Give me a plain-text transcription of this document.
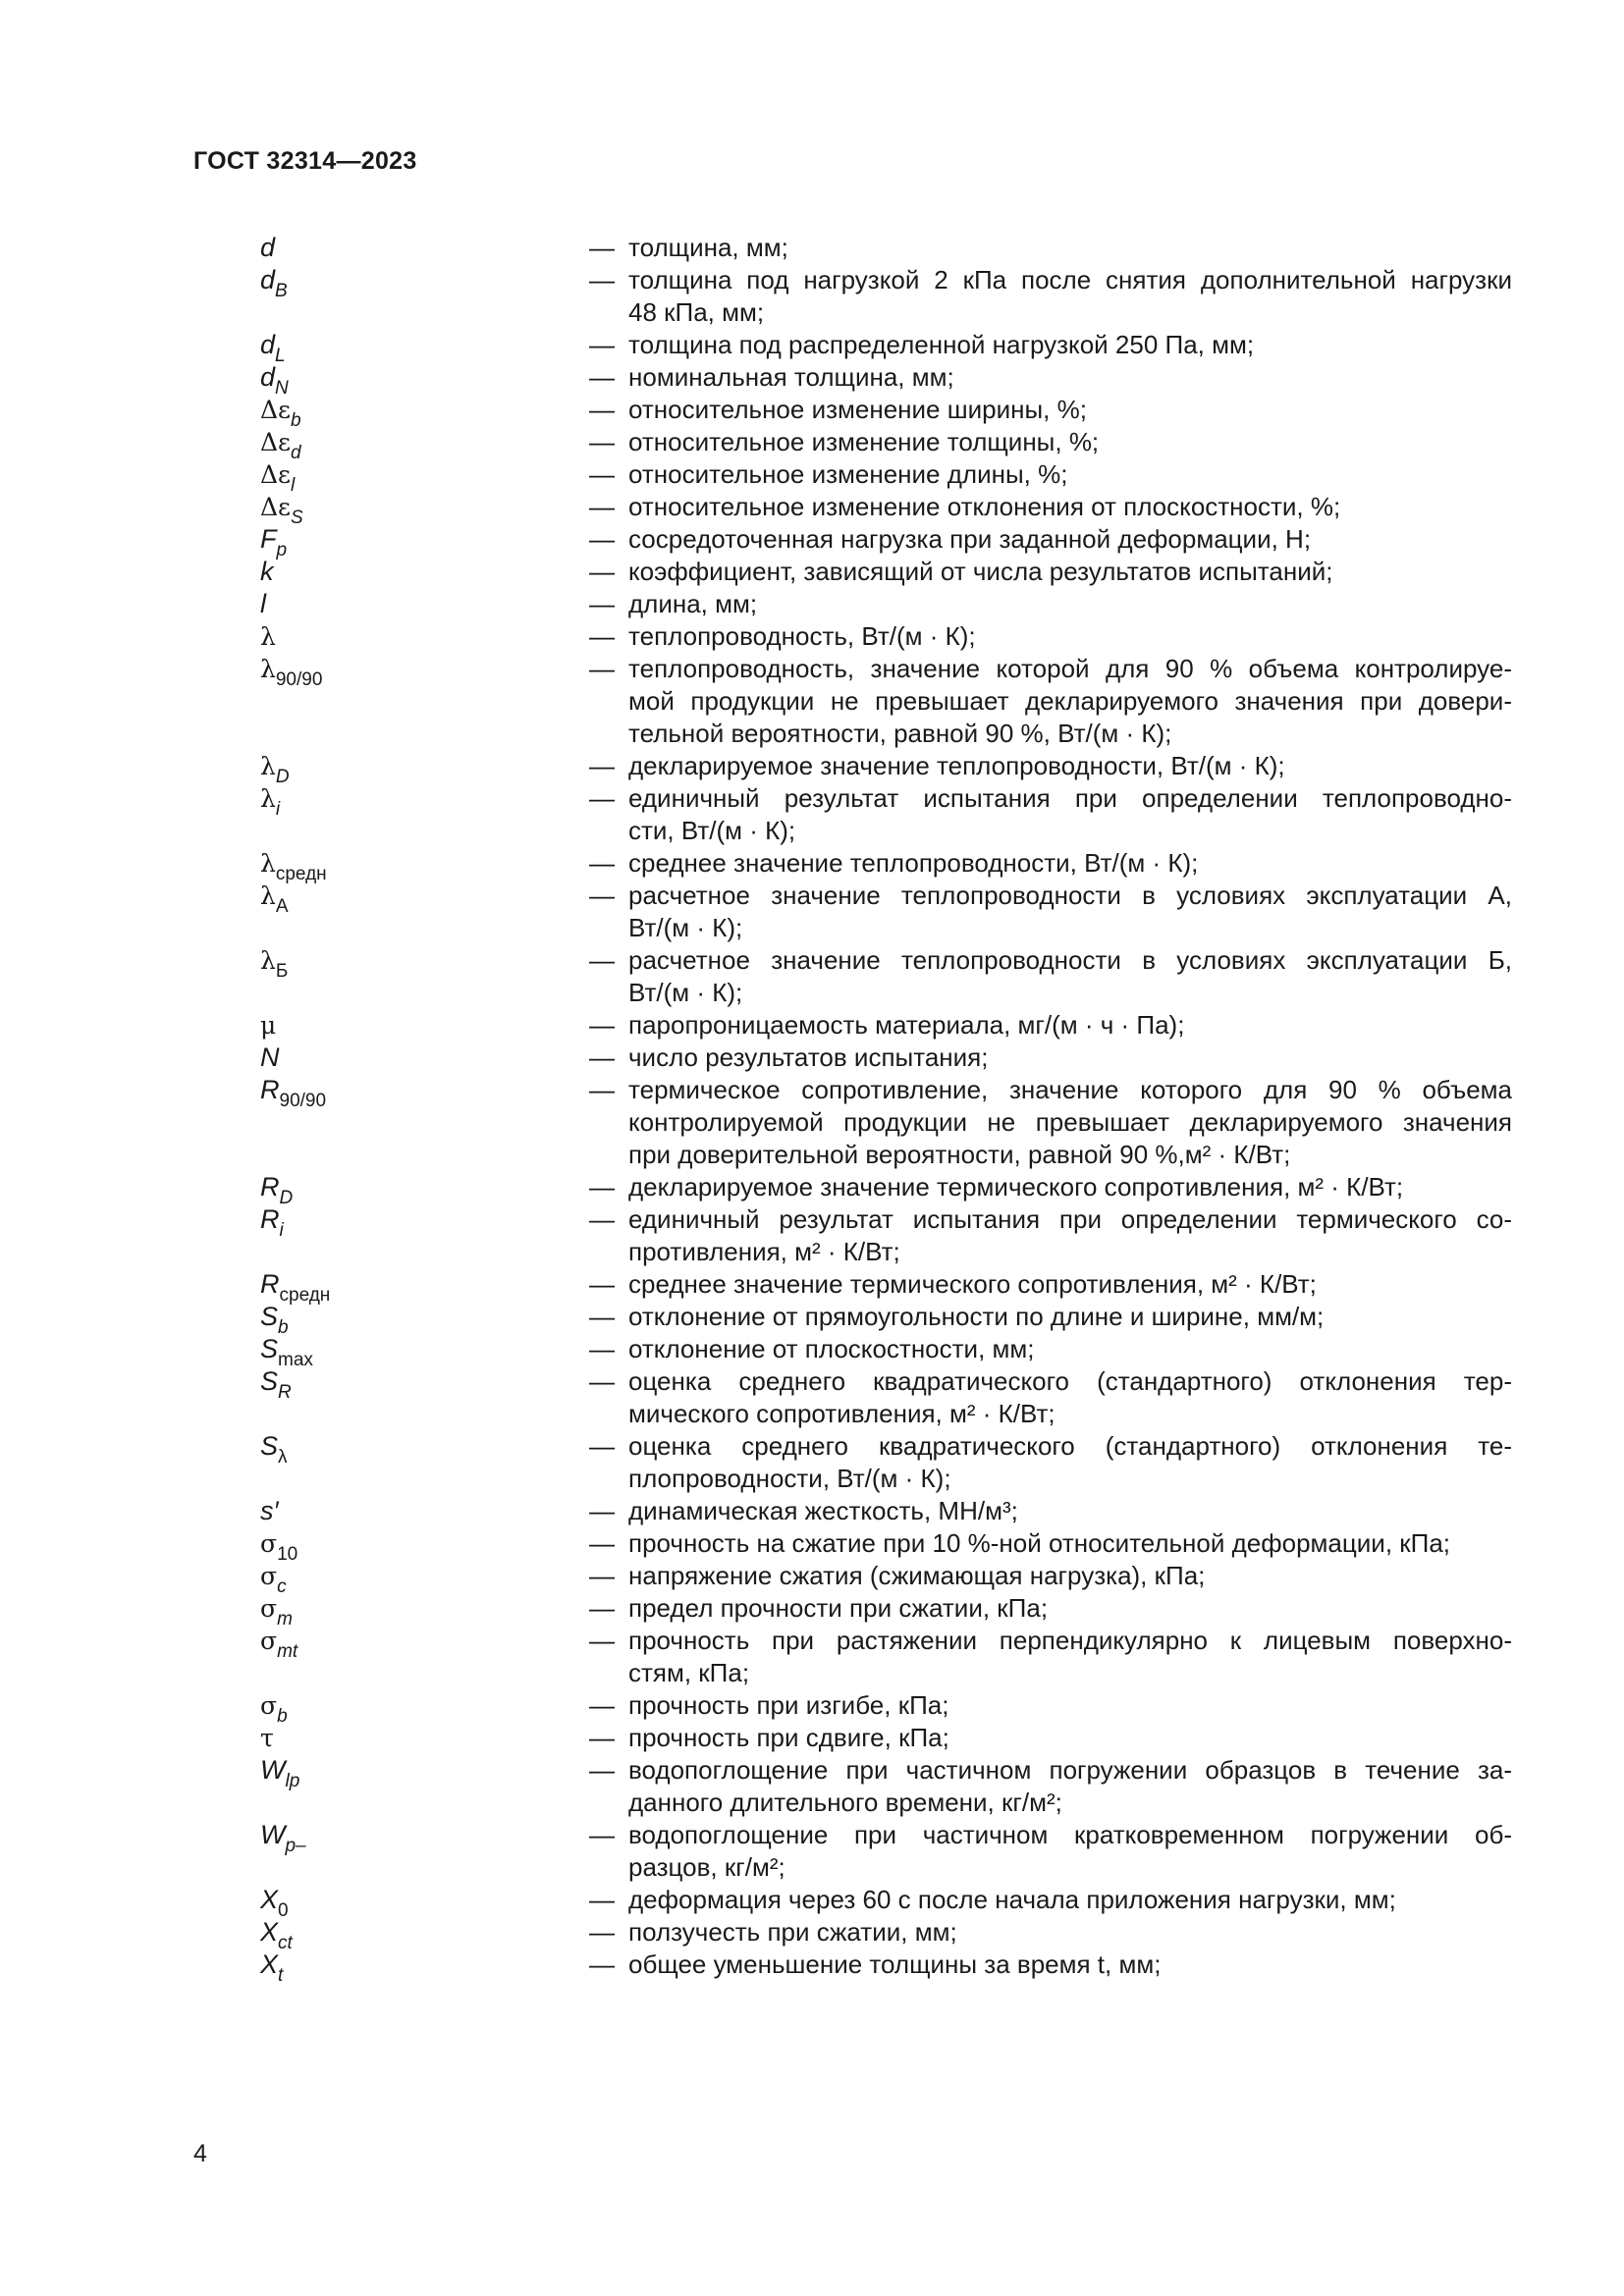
ГОСТ 32314—2023
d	— толщина, мм;
$d_B$	— толщина под нагрузкой 2 кПа после снятия дополнительной нагрузки
48 кПа, мм;
$d_L$	— толщина под распределенной нагрузкой 250 Па, мм;
$d_N$	— номинальная толщина, мм;
$\Delta\varepsilon_b$	— относительное изменение ширины, %;
$\Delta\varepsilon_d$	— относительное изменение толщины, %;
$\Delta\varepsilon_l$	— относительное изменение длины, %;
$\Delta\varepsilon_S$	— относительное изменение отклонения от плоскостности, %;
$F_p$	— сосредоточенная нагрузка при заданной деформации, Н;
k	— коэффициент, зависящий от числа результатов испытаний;
l	— длина, мм;
λ	— теплопроводность, Вт/(м · К);
$\lambda_{90/90}$	— теплопроводность, значение которой для 90 % объема контролируе-
мой продукции не превышает декларируемого значения при довери-
тельной вероятности, равной 90 %, Вт/(м · К);
$\lambda_D$	— декларируемое значение теплопроводности, Вт/(м · К);
$\lambda_i$	— единичный результат испытания при определении теплопроводно-
сти, Вт/(м · К);
$\lambda_{средн}$	— среднее значение теплопроводности, Вт/(м · К);
$\lambda_А$	— расчетное значение теплопроводности в условиях эксплуатации А,
Вт/(м · К);
$\lambda_Б$	— расчетное значение теплопроводности в условиях эксплуатации Б,
Вт/(м · К);
μ	— паропроницаемость материала, мг/(м · ч · Па);
N	— число результатов испытания;
$R_{90/90}$	— термическое сопротивление, значение которого для 90 % объема
контролируемой продукции не превышает декларируемого значения
при доверительной вероятности, равной 90 %,м² · К/Вт;
$R_D$	— декларируемое значение термического сопротивления, м² · К/Вт;
$R_i$	— единичный результат испытания при определении термического со-
противления, м² · К/Вт;
$R_{средн}$	— среднее значение термического сопротивления, м² · К/Вт;
$S_b$	— отклонение от прямоугольности по длине и ширине, мм/м;
$S_{max}$	— отклонение от плоскостности, мм;
$S_R$	— оценка среднего квадратического (стандартного) отклонения тер-
мического сопротивления, м² · К/Вт;
$S_\lambda$	— оценка среднего квадратического (стандартного) отклонения те-
плопроводности, Вт/(м · К);
s′	— динамическая жесткость, МН/м³;
$\sigma_{10}$	— прочность на сжатие при 10 %-ной относительной деформации, кПа;
$\sigma_c$	— напряжение сжатия (сжимающая нагрузка), кПа;
$\sigma_m$	— предел прочности при сжатии, кПа;
$\sigma_{mt}$	— прочность при растяжении перпендикулярно к лицевым поверхно-
стям, кПа;
$\sigma_b$	— прочность при изгибе, кПа;
τ	— прочность при сдвиге, кПа;
$W_{lp}$	— водопоглощение при частичном погружении образцов в течение за-
данного длительного времени, кг/м²;
$W_{p-}$	— водопоглощение при частичном кратковременном погружении об-
разцов, кг/м²;
$X_0$	— деформация через 60 с после начала приложения нагрузки, мм;
$X_{ct}$	— ползучесть при сжатии, мм;
$X_t$	— общее уменьшение толщины за время t, мм;
4
